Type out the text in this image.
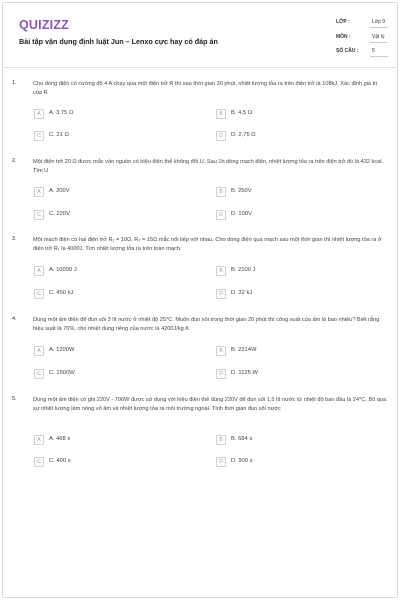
QUIZIZZ
Bài tập vận dụng định luật Jun – Lenxo cực hay có đáp án
LỚP :	Lớp 9
MÔN :	Vật lý
SỐ CÂU :	5
1.	Cho dòng điện có cường độ 4 A chạy qua một điện trở R thì sau thời gian 30 phút, nhiệt lượng tỏa ra trên điện trở là 108kJ. Xác định giá trị của R
A	A. 3,75 Ω	B	B. 4,5 Ω
C	C. 21 Ω	D	D. 2,75 Ω
2.	Một điện trở 20 Ω được mắc vào nguồn có hiệu điện thế không đổi U. Sau 1h dòng mạch điện, nhiệt lượng tỏa ra trên điện trở đó là 432 kcal. Tìm U
A	A. 200V	B	B. 250V
C	C. 220V	D	D. 100V
3.	Một mạch điện có hai điện trở R₁ = 10Ω, R₂ = 15Ω mắc nối tiếp với nhau. Cho dòng điện qua mạch sau một thời gian thì nhiệt lượng tỏa ra ở điện trở R₁ là 4000J. Tìm nhiệt lượng tỏa ra trên toàn mạch.
A	A. 10000 J	B	B. 2100 J
C	C. 450 kJ	D	D. 32 kJ
4.	Dùng một ấm điện để đun sôi 3 lít nước ở nhiệt độ 25°C. Muốn đun sôi trong thời gian 20 phút thì công suất của ấm là bao nhiêu? Biết rằng hiệu suất là 70%, cho nhiệt dung riêng của nước là 4200J/kg.K
A	A. 1200W	B	B. 2314W
C	C. 1500W	D	D. 1125 W
5.	Dùng một ấm điện có ghi 220V - 700W được sử dụng với hiệu điện thế đúng 220V để đun sôi 1,5 lít nước từ nhiệt độ ban đầu là 24°C. Bỏ qua sự nhiệt lượng làm nóng vỏ ấm và nhiệt lượng tỏa ra môi trường ngoài. Tính thời gian đun sôi nước
A	A. 468 s	B	B. 684 s
C	C. 400 s	D	D. 900 s
